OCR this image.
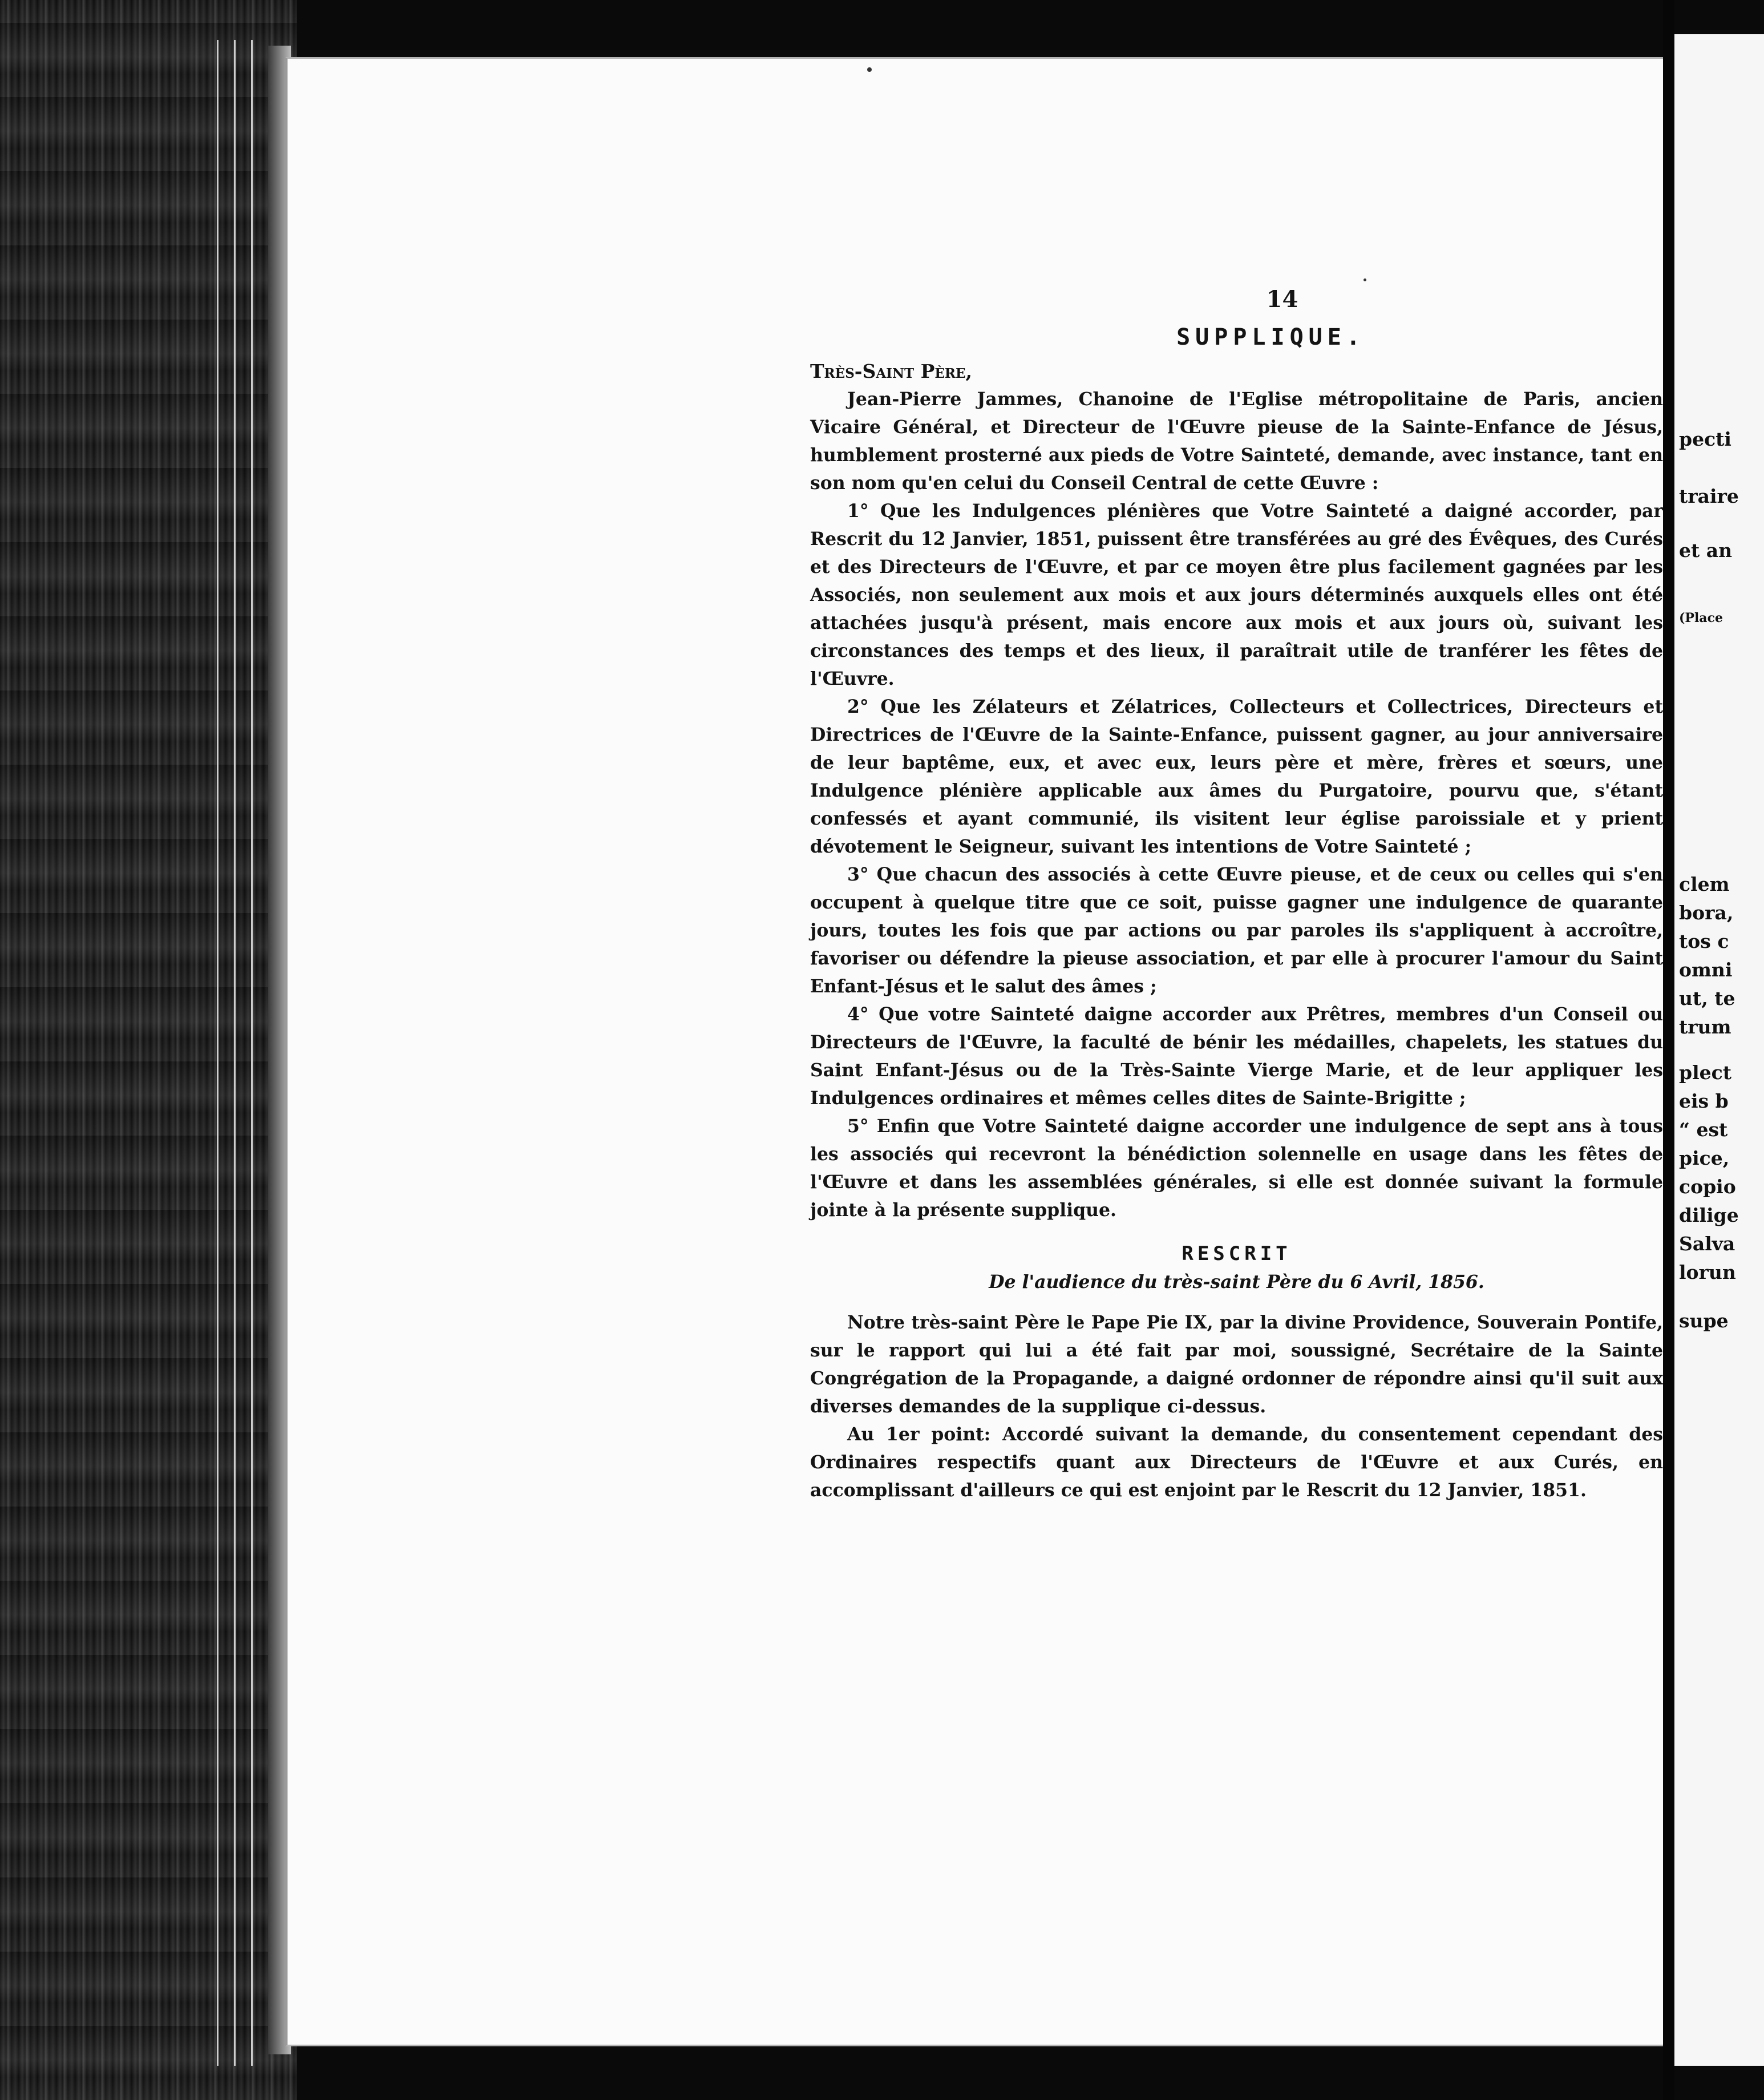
14
SUPPLIQUE.
Très-Saint Père,

Jean-Pierre Jammes, Chanoine de l'Eglise métropolitaine de Paris, ancien Vicaire Général, et Directeur de l'Œuvre pieuse de la Sainte-Enfance de Jésus, humblement prosterné aux pieds de Votre Sainteté, demande, avec instance, tant en son nom qu'en celui du Conseil Central de cette Œuvre :

1° Que les Indulgences plénières que Votre Sainteté a daigné accorder, par Rescrit du 12 Janvier, 1851, puissent être transférées au gré des Évêques, des Curés et des Directeurs de l'Œuvre, et par ce moyen être plus facilement gagnées par les Associés, non seulement aux mois et aux jours déterminés auxquels elles ont été attachées jusqu'à présent, mais encore aux mois et aux jours où, suivant les circonstances des temps et des lieux, il paraîtrait utile de tranférer les fêtes de l'Œuvre.

2° Que les Zélateurs et Zélatrices, Collecteurs et Collectrices, Directeurs et Directrices de l'Œuvre de la Sainte-Enfance, puissent gagner, au jour anniversaire de leur baptême, eux, et avec eux, leurs père et mère, frères et sœurs, une Indulgence plénière applicable aux âmes du Purgatoire, pourvu que, s'étant confessés et ayant communié, ils visitent leur église paroissiale et y prient dévotement le Seigneur, suivant les intentions de Votre Sainteté ;

3° Que chacun des associés à cette Œuvre pieuse, et de ceux ou celles qui s'en occupent à quelque titre que ce soit, puisse gagner une indulgence de quarante jours, toutes les fois que par actions ou par paroles ils s'appliquent à accroître, favoriser ou défendre la pieuse association, et par elle à procurer l'amour du Saint Enfant-Jésus et le salut des âmes ;

4° Que votre Sainteté daigne accorder aux Prêtres, membres d'un Conseil ou Directeurs de l'Œuvre, la faculté de bénir les médailles, chapelets, les statues du Saint Enfant-Jésus ou de la Très-Sainte Vierge Marie, et de leur appliquer les Indulgences ordinaires et mêmes celles dites de Sainte-Brigitte ;

5° Enfin que Votre Sainteté daigne accorder une indulgence de sept ans à tous les associés qui recevront la bénédiction solennelle en usage dans les fêtes de l'Œuvre et dans les assemblées générales, si elle est donnée suivant la formule jointe à la présente supplique.

RESCRIT
De l'audience du très-saint Père du 6 Avril, 1856.

Notre très-saint Père le Pape Pie IX, par la divine Providence, Souverain Pontife, sur le rapport qui lui a été fait par moi, soussigné, Secrétaire de la Sainte Congrégation de la Propagande, a daigné ordonner de répondre ainsi qu'il suit aux diverses demandes de la supplique ci-dessus.

Au 1er point: Accordé suivant la demande, du consentement cependant des Ordinaires respectifs quant aux Directeurs de l'Œuvre et aux Curés, en accomplissant d'ailleurs ce qui est enjoint par le Rescrit du 12 Janvier, 1851.

pecti
traire
et an
(Place
clem
bora,
tos c
omni
ut, te
trum
plect
eis b
“ est
pice,
copio
dilige
Salva
lorun
supe
